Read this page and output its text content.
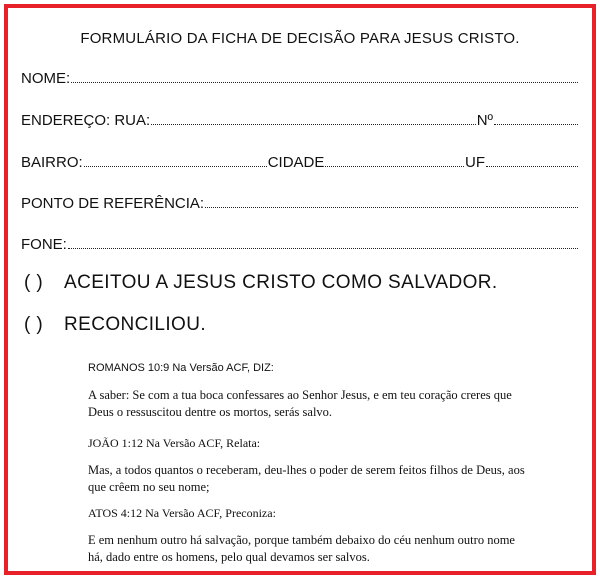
FORMULÁRIO DA FICHA DE DECISÃO PARA JESUS CRISTO.
NOME:
ENDEREÇO: RUA:	Nº
BAIRRO:	CIDADE	UF
PONTO DE REFERÊNCIA:
FONE:
( )	ACEITOU A JESUS CRISTO COMO SALVADOR.
( )	RECONCILIOU.
ROMANOS 10:9 Na Versão ACF, DIZ:
A saber: Se com a tua boca confessares ao Senhor Jesus, e em teu coração creres que
Deus o ressuscitou dentre os mortos, serás salvo.
JOÃO 1:12 Na Versão ACF, Relata:
Mas, a todos quantos o receberam, deu-lhes o poder de serem feitos filhos de Deus, aos
que crêem no seu nome;
ATOS 4:12 Na Versão ACF, Preconiza:
E em nenhum outro há salvação, porque também debaixo do céu nenhum outro nome
há, dado entre os homens, pelo qual devamos ser salvos.
